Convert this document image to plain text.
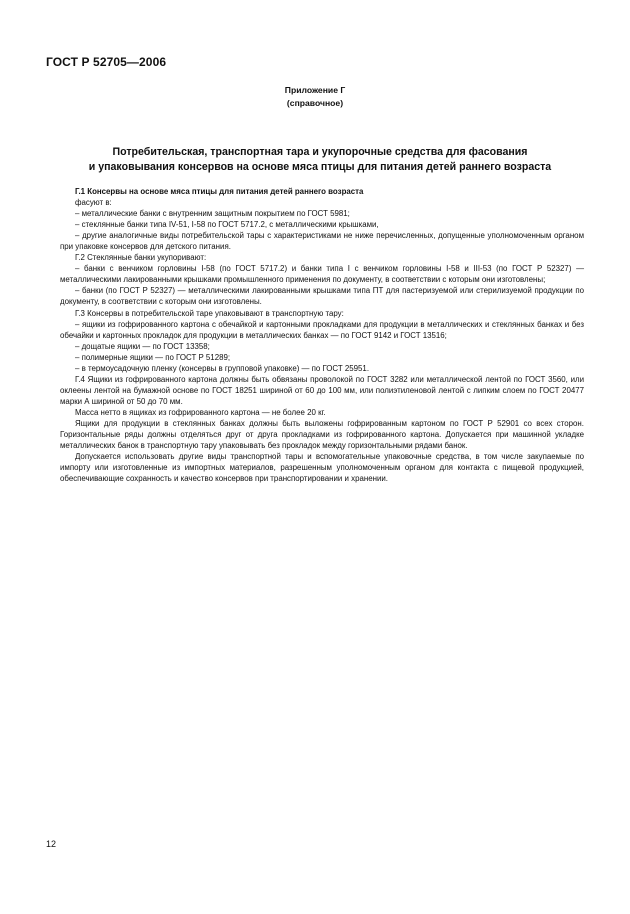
ГОСТ Р 52705—2006
Приложение Г
(справочное)
Потребительская, транспортная тара и укупорочные средства для фасования
и упаковывания консервов на основе мяса птицы для питания детей раннего возраста

Г.1 Консервы на основе мяса птицы для питания детей раннего возраста

фасуют в:

– металлические банки с внутренним защитным покрытием по ГОСТ 5981;

– стеклянные банки типа IV-51, I-58 по ГОСТ 5717.2, с металлическими крышками,

– другие аналогичные виды потребительской тары с характеристиками не ниже перечисленных, допущенные уполномоченным органом при упаковке консервов для детского питания.

Г.2 Стеклянные банки укупоривают:

– банки с венчиком горловины I-58 (по ГОСТ 5717.2) и банки типа I с венчиком горловины I-58 и III-53 (по ГОСТ Р 52327) — металлическими лакированными крышками промышленного применения по документу, в соответствии с которым они изготовлены;

– банки (по ГОСТ Р 52327) — металлическими лакированными крышками типа ПТ для пастеризуемой или стерилизуемой продукции по документу, в соответствии с которым они изготовлены.

Г.3 Консервы в потребительской таре упаковывают в транспортную тару:

– ящики из гофрированного картона с обечайкой и картонными прокладками для продукции в металлических и стеклянных банках и без обечайки и картонных прокладок для продукции в металлических банках — по ГОСТ 9142 и ГОСТ 13516;

– дощатые ящики — по ГОСТ 13358;

– полимерные ящики — по ГОСТ Р 51289;

– в термоусадочную пленку (консервы в групповой упаковке) — по ГОСТ 25951.

Г.4 Ящики из гофрированного картона должны быть обвязаны проволокой по ГОСТ 3282 или металлической лентой по ГОСТ 3560, или оклеены лентой на бумажной основе по ГОСТ 18251 шириной от 60 до 100 мм, или полиэтиленовой лентой с липким слоем по ГОСТ 20477 марки А шириной от 50 до 70 мм.

Масса нетто в ящиках из гофрированного картона — не более 20 кг.

Ящики для продукции в стеклянных банках должны быть выложены гофрированным картоном по ГОСТ Р 52901 со всех сторон. Горизонтальные ряды должны отделяться друг от друга прокладками из гофрированного картона. Допускается при машинной укладке металлических банок в транспортную тару упаковывать без прокладок между горизонтальными рядами банок.

Допускается использовать другие виды транспортной тары и вспомогательные упаковочные средства, в том числе закупаемые по импорту или изготовленные из импортных материалов, разрешенным уполномоченным органом для контакта с пищевой продукцией, обеспечивающие сохранность и качество консервов при транспортировании и хранении.

12
